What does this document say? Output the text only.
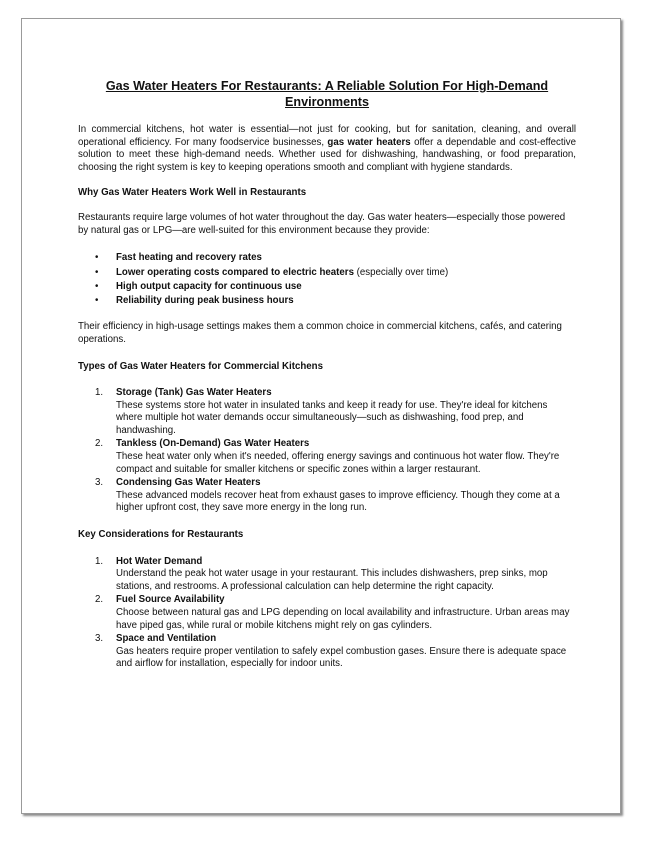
Gas Water Heaters For Restaurants: A Reliable Solution For High-Demand Environments

In commercial kitchens, hot water is essential—not just for cooking, but for sanitation, cleaning, and overall operational efficiency. For many foodservice businesses, gas water heaters offer a dependable and cost-effective solution to meet these high-demand needs. Whether used for dishwashing, handwashing, or food preparation, choosing the right system is key to keeping operations smooth and compliant with hygiene standards.

Why Gas Water Heaters Work Well in Restaurants

Restaurants require large volumes of hot water throughout the day. Gas water heaters—especially those powered by natural gas or LPG—are well-suited for this environment because they provide:

• Fast heating and recovery rates
• Lower operating costs compared to electric heaters (especially over time)
• High output capacity for continuous use
• Reliability during peak business hours

Their efficiency in high-usage settings makes them a common choice in commercial kitchens, cafés, and catering operations.

Types of Gas Water Heaters for Commercial Kitchens
1. Storage (Tank) Gas Water Heaters
These systems store hot water in insulated tanks and keep it ready for use. They're ideal for kitchens where multiple hot water demands occur simultaneously—such as dishwashing, food prep, and handwashing.
2. Tankless (On-Demand) Gas Water Heaters
These heat water only when it's needed, offering energy savings and continuous hot water flow. They're compact and suitable for smaller kitchens or specific zones within a larger restaurant.
3. Condensing Gas Water Heaters
These advanced models recover heat from exhaust gases to improve efficiency. Though they come at a higher upfront cost, they save more energy in the long run.
Key Considerations for Restaurants
1. Hot Water Demand
Understand the peak hot water usage in your restaurant. This includes dishwashers, prep sinks, mop stations, and restrooms. A professional calculation can help determine the right capacity.
2. Fuel Source Availability
Choose between natural gas and LPG depending on local availability and infrastructure. Urban areas may have piped gas, while rural or mobile kitchens might rely on gas cylinders.
3. Space and Ventilation
Gas heaters require proper ventilation to safely expel combustion gases. Ensure there is adequate space and airflow for installation, especially for indoor units.
